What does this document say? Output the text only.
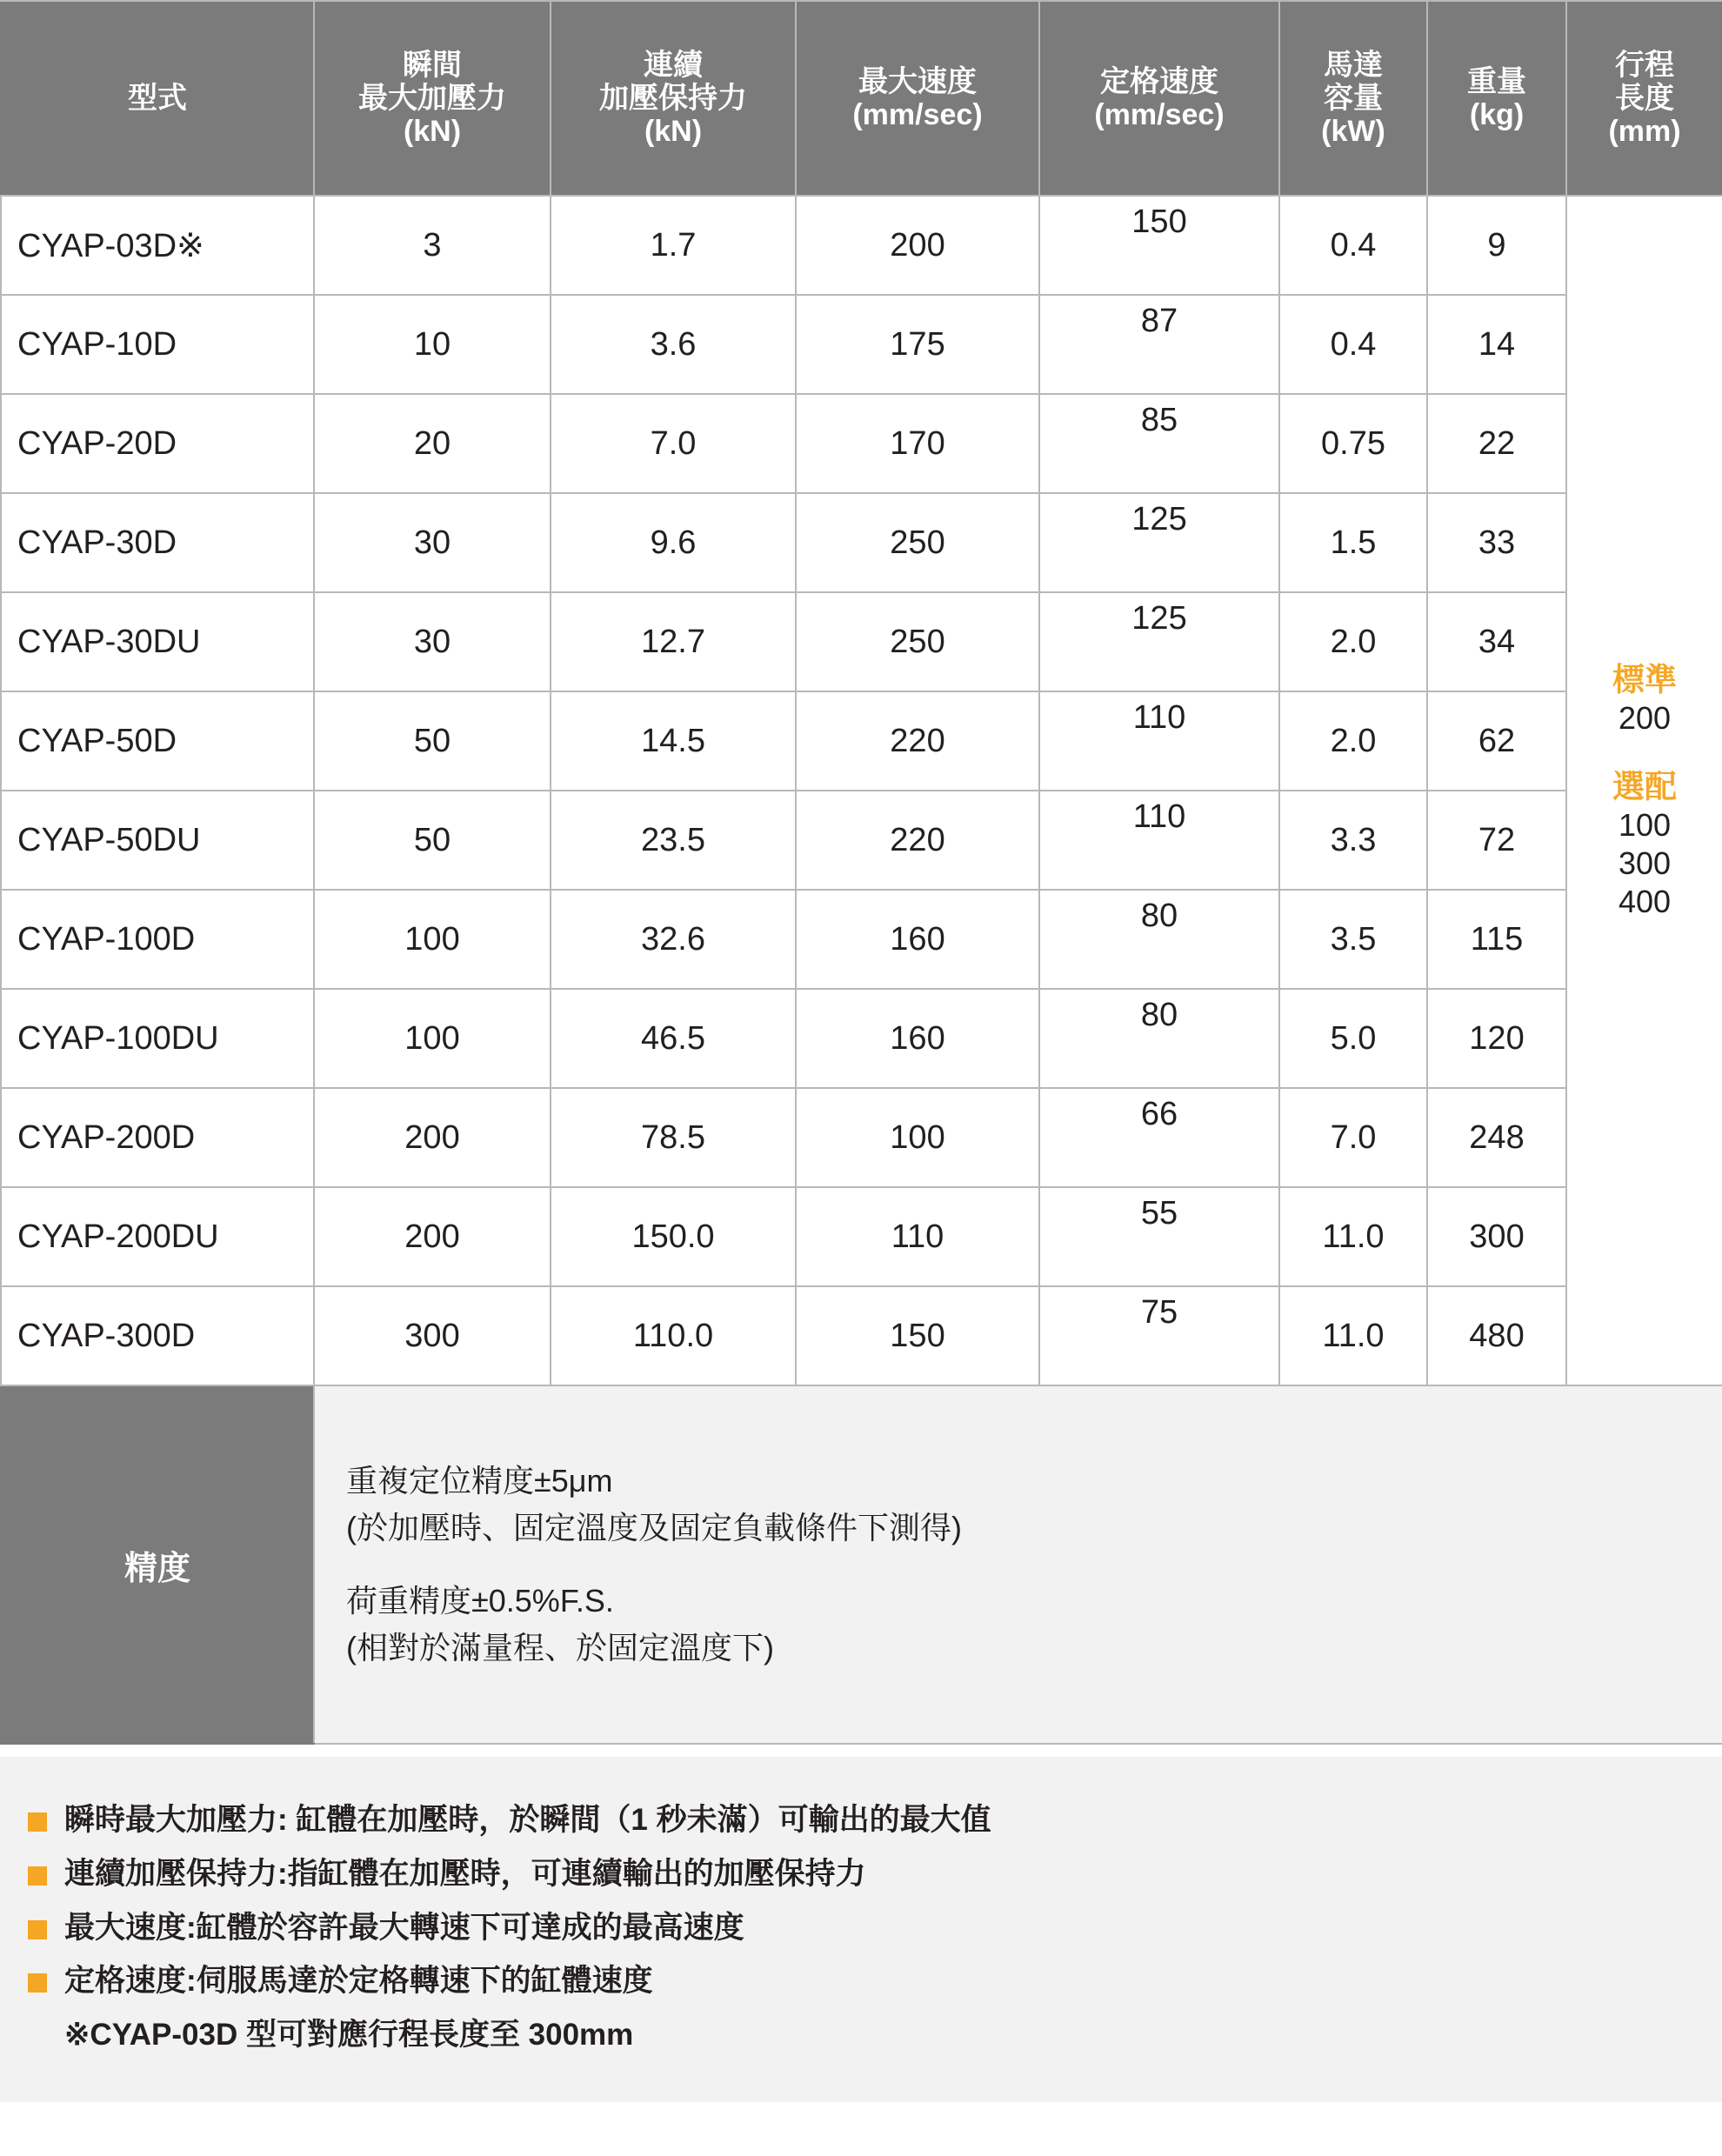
型式

瞬間
最大加壓力
(kN)

連續
加壓保持力
(kN)

最大速度
(mm/sec)

定格速度
(mm/sec)

馬達
容量
(kW)

重量
(kg)

行程
長度
(mm)

CYAP-03D※	3	1.7	200	150	0.4	9	
標準
200
選配
100
300
400

CYAP-10D	10	3.6	175	87	0.4	14	
CYAP-20D	20	7.0	170	85	0.75	22	
CYAP-30D	30	9.6	250	125	1.5	33	
CYAP-30DU	30	12.7	250	125	2.0	34	
CYAP-50D	50	14.5	220	110	2.0	62	
CYAP-50DU	50	23.5	220	110	3.3	72	
CYAP-100D	100	32.6	160	80	3.5	115	
CYAP-100DU	100	46.5	160	80	5.0	120	
CYAP-200D	200	78.5	100	66	7.0	248	
CYAP-200DU	200	150.0	110	55	11.0	300	
CYAP-300D	300	110.0	150	75	11.0	480	
精度	重複定位精度±5μm
(於加壓時、固定溫度及固定負載條件下測得)
荷重精度±0.5%F.S.
(相對於滿量程、於固定溫度下)						
瞬時最大加壓力: 缸體在加壓時，於瞬間（1 秒未滿）可輸出的最大值
連續加壓保持力:指缸體在加壓時，可連續輸出的加壓保持力
最大速度:缸體於容許最大轉速下可達成的最高速度
定格速度:伺服馬達於定格轉速下的缸體速度
※CYAP-03D 型可對應行程長度至 300mm
